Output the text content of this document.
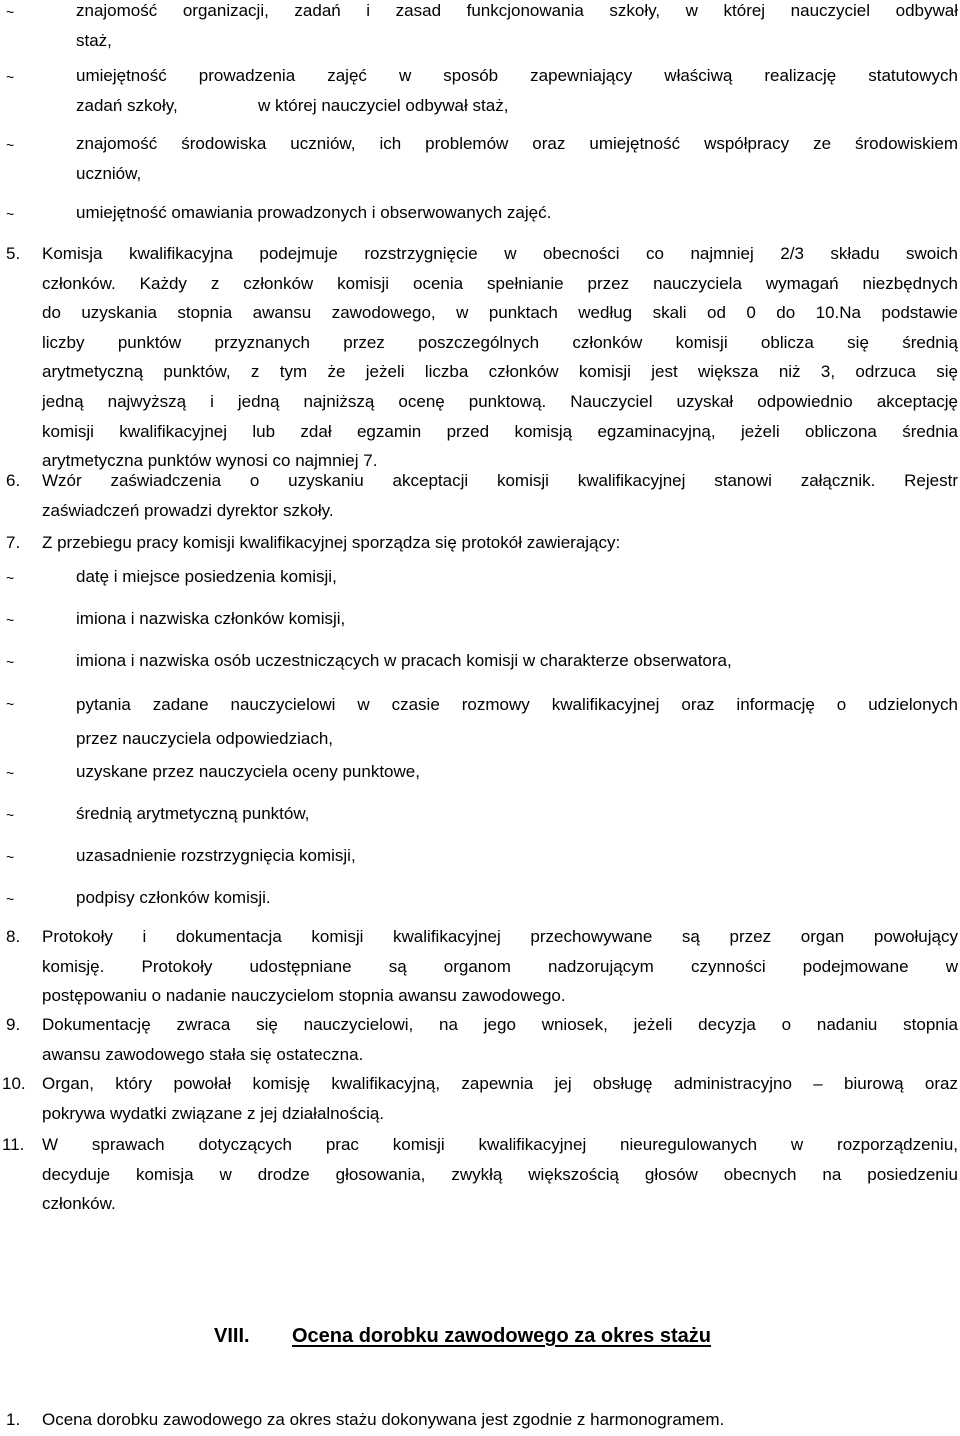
~	znajomość organizacji, zadań i zasad funkcjonowania szkoły, w której nauczyciel odbywał
staż,
~	umiejętność prowadzenia zajęć w sposób zapewniający właściwą realizację statutowych
zadań szkoły,                 w której nauczyciel odbywał staż,
~	znajomość środowiska uczniów, ich problemów oraz umiejętność współpracy ze środowiskiem
uczniów,
~	umiejętność omawiania prowadzonych i obserwowanych zajęć.
5. Komisja kwalifikacyjna podejmuje rozstrzygnięcie w obecności co najmniej 2/3 składu swoich
członków. Każdy z członków komisji ocenia spełnianie przez nauczyciela wymagań niezbędnych
do uzyskania stopnia awansu zawodowego, w punktach według skali od 0 do 10.Na podstawie
liczby punktów przyznanych przez poszczególnych członków komisji oblicza się średnią
arytmetyczną punktów, z tym że jeżeli liczba członków komisji jest większa niż 3, odrzuca się
jedną najwyższą i jedną najniższą ocenę punktową. Nauczyciel uzyskał odpowiednio akceptację
komisji kwalifikacyjnej lub zdał egzamin przed komisją egzaminacyjną, jeżeli obliczona średnia
arytmetyczna punktów wynosi co najmniej 7.
6. Wzór zaświadczenia o uzyskaniu akceptacji komisji kwalifikacyjnej stanowi załącznik. Rejestr
zaświadczeń prowadzi dyrektor szkoły.
7. Z przebiegu pracy komisji kwalifikacyjnej sporządza się protokół zawierający:
~	datę i miejsce posiedzenia komisji,
~	imiona i nazwiska członków komisji,
~	imiona i nazwiska osób uczestniczących w pracach komisji w charakterze obserwatora,
~	pytania zadane nauczycielowi w czasie rozmowy kwalifikacyjnej oraz informację o udzielonych
przez nauczyciela odpowiedziach,
~	uzyskane przez nauczyciela oceny punktowe,
~	średnią arytmetyczną punktów,
~	uzasadnienie rozstrzygnięcia komisji,
~	podpisy członków komisji.
8. Protokoły i dokumentacja komisji kwalifikacyjnej przechowywane są przez organ powołujący
komisję. Protokoły udostępniane są organom nadzorującym czynności podejmowane w
postępowaniu o nadanie nauczycielom stopnia awansu zawodowego.
9. Dokumentację zwraca się nauczycielowi, na jego wniosek, jeżeli decyzja o nadaniu stopnia
awansu zawodowego stała się ostateczna.
10. Organ, który powołał komisję kwalifikacyjną, zapewnia jej obsługę administracyjno – biurową oraz
pokrywa wydatki związane z jej działalnością.
11. W sprawach dotyczących prac komisji kwalifikacyjnej nieuregulowanych w rozporządzeniu,
decyduje komisja w drodze głosowania, zwykłą większością głosów obecnych na posiedzeniu
członków.
VIII. Ocena dorobku zawodowego za okres stażu
1. Ocena dorobku zawodowego za okres stażu dokonywana jest zgodnie z harmonogramem.
